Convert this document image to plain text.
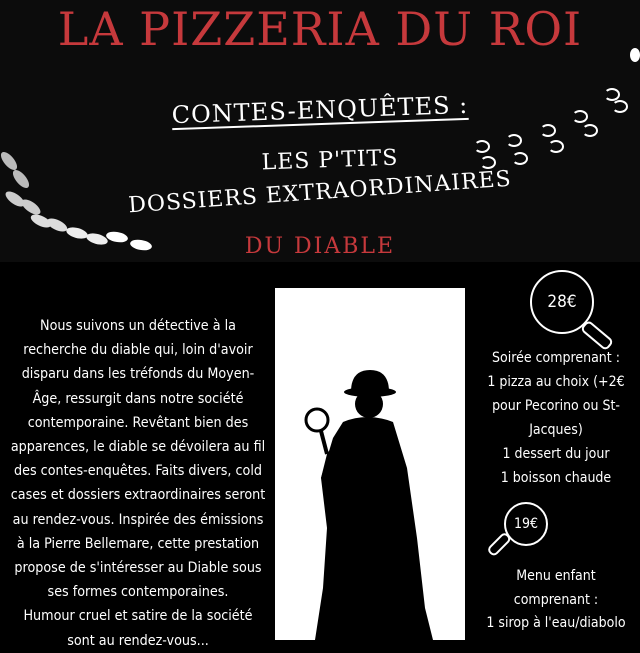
LA PIZZERIA DU ROI
CONTES-ENQUÊTES :
LES P'TITS
DOSSIERS EXTRAORDINAIRES
DU DIABLE
Nous suivons un détective à la
recherche du diable qui, loin d'avoir
disparu dans les tréfonds du Moyen-
Âge, ressurgit dans notre société
contemporaine. Revêtant bien des
apparences, le diable se dévoilera au fil
des contes-enquêtes. Faits divers, cold
cases et dossiers extraordinaires seront
au rendez-vous. Inspirée des émissions
à la Pierre Bellemare, cette prestation
propose de s'intéresser au Diable sous
ses formes contemporaines.
Humour cruel et satire de la société
sont au rendez-vous...
28€
Soirée comprenant :
1 pizza au choix (+2€
pour Pecorino ou St-
Jacques)
1 dessert du jour
1 boisson chaude
19€
Menu enfant
comprenant :
1 sirop à l'eau/diabolo
